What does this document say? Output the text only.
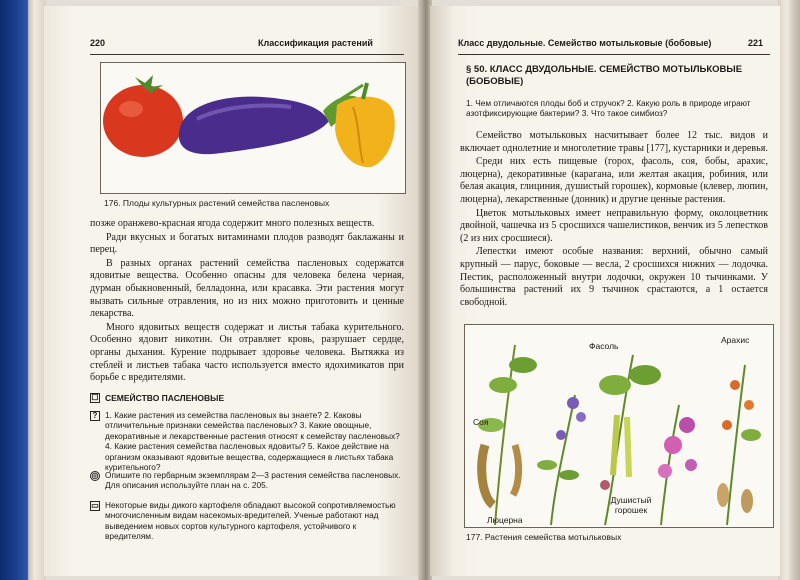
220	Классификация растений
176. Плоды культурных растений семейства пасленовых

позже оранжево-красная ягода содержит много полезных веществ.

Ради вкусных и богатых витаминами плодов разводят баклажаны и перец.

В разных органах растений семейства пасленовых содержатся ядовитые вещества. Особенно опасны для человека белена черная, дурман обыкновенный, белладонна, или красавка. Эти растения могут вызвать сильные отравления, но из них можно приготовить и ценные лекарства.

Много ядовитых веществ содержат и листья табака курительного. Особенно ядовит никотин. Он отравляет кровь, разрушает сердце, органы дыхания. Курение подрывает здоровье человека. Вытяжка из стеблей и листьев табака часто используется вместо ядохимикатов при борьбе с вредителями.

☐ СЕМЕЙСТВО ПАСЛЕНОВЫЕ
? 1. Какие растения из семейства пасленовых вы знаете? 2. Каковы отличительные признаки семейства пасленовых? 3. Какие овощные, декоративные и лекарственные растения относят к семейству пасленовых? 4. Какие растения семейства пасленовых ядовиты? 5. Какое действие на организм оказывают ядовитые вещества, содержащиеся в листьях табака курительного?
◎ Опишите по гербарным экземплярам 2—3 растения семейства пасленовых. Для описания используйте план на с. 205.
▭ Некоторые виды дикого картофеля обладают высокой сопротивляемостью многочисленным видам насекомых-вредителей. Ученые работают над выведением новых сортов культурного картофеля, устойчивого к вредителям.
Класс двудольные. Семейство мотыльковые (бобовые)	221
§ 50. КЛАСС ДВУДОЛЬНЫЕ. СЕМЕЙСТВО МОТЫЛЬКОВЫЕ (БОБОВЫЕ)
1. Чем отличаются плоды боб и стручок? 2. Какую роль в природе играют азотфиксирующие бактерии? 3. Что такое симбиоз?

Семейство мотыльковых насчитывает более 12 тыс. видов и включает однолетние и многолетние травы [177], кустарники и деревья.

Среди них есть пищевые (горох, фасоль, соя, бобы, арахис, люцерна), декоративные (карагана, или желтая акация, робиния, или белая акация, глициния, душистый горошек), кормовые (клевер, люпин, люцерна), лекарственные (донник) и другие ценные растения.

Цветок мотыльковых имеет неправильную форму, околоцветник двойной, чашечка из 5 сросшихся чашелистиков, венчик из 5 лепестков (2 из них сросшиеся).

Лепестки имеют особые названия: верхний, обычно самый крупный — парус, боковые — весла, 2 сросшихся нижних — лодочка. Пестик, расположенный внутри лодочки, окружен 10 тычинками. У большинства растений их 9 тычинок срастаются, а 1 остается свободной.

Фасоль
Арахис
Соя
Душистый горошек
Люцерна
177. Растения семейства мотыльковых
